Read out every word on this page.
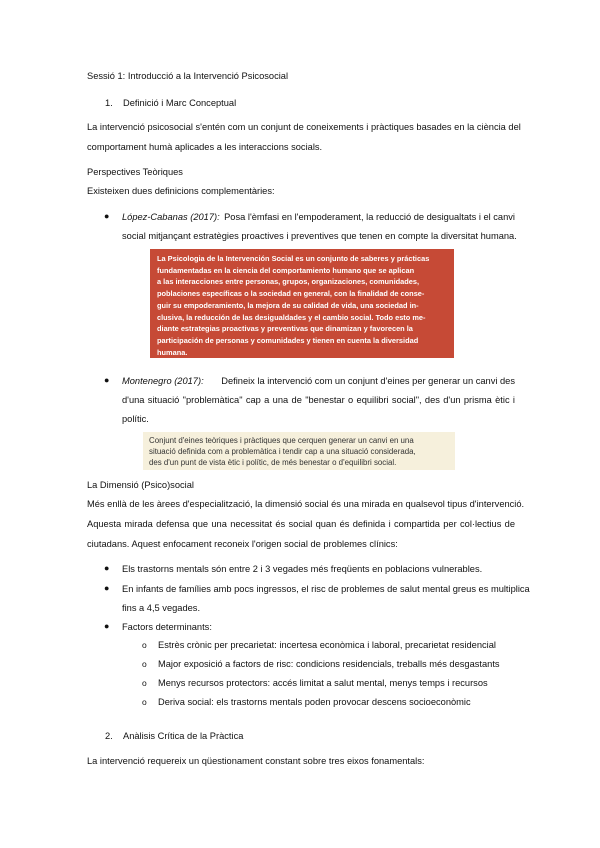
Sessió 1: Introducció a la Intervenció Psicosocial
1. Definició i Marc Conceptual
La intervenció psicosocial s'entén com un conjunt de coneixements i pràctiques basades en la ciència del
comportament humà aplicades a les interaccions socials.
Perspectives Teòriques
Existeixen dues definicions complementàries:
● López-Cabanas (2017): Posa l'èmfasi en l'empoderament, la reducció de desigualtats i el canvi
social mitjançant estratègies proactives i preventives que tenen en compte la diversitat humana.
La Psicologia de la Intervención Social es un conjunto de saberes y prácticas
fundamentadas en la ciencia del comportamiento humano que se aplican
a las interacciones entre personas, grupos, organizaciones, comunidades,
poblaciones específicas o la sociedad en general, con la finalidad de conse-
guir su empoderamiento, la mejora de su calidad de vida, una sociedad in-
clusiva, la reducción de las desigualdades y el cambio social. Todo esto me-
diante estrategias proactivas y preventivas que dinamizan y favorecen la
participación de personas y comunidades y tienen en cuenta la diversidad
humana.
● Montenegro (2017): Defineix la intervenció com un conjunt d'eines per generar un canvi des
d'una situació "problemàtica" cap a una de "benestar o equilibri social", des d'un prisma ètic i
polític.
Conjunt d'eines teòriques i pràctiques que cerquen generar un canvi en una
situació definida com a problemàtica i tendir cap a una situació considerada,
des d'un punt de vista ètic i polític, de més benestar o d'equilibri social.
La Dimensió (Psico)social
Més enllà de les àrees d'especialització, la dimensió social és una mirada en qualsevol tipus d'intervenció.
Aquesta mirada defensa que una necessitat és social quan és definida i compartida per col·lectius de
ciutadans. Aquest enfocament reconeix l'origen social de problemes clínics:
● Els trastorns mentals són entre 2 i 3 vegades més freqüents en poblacions vulnerables.
● En infants de famílies amb pocs ingressos, el risc de problemes de salut mental greus es multiplica
fins a 4,5 vegades.
● Factors determinants:
o Estrès crònic per precarietat: incertesa econòmica i laboral, precarietat residencial
o Major exposició a factors de risc: condicions residencials, treballs més desgastants
o Menys recursos protectors: accés limitat a salut mental, menys temps i recursos
o Deriva social: els trastorns mentals poden provocar descens socioeconòmic
2. Anàlisis Crítica de la Pràctica
La intervenció requereix un qüestionament constant sobre tres eixos fonamentals:
